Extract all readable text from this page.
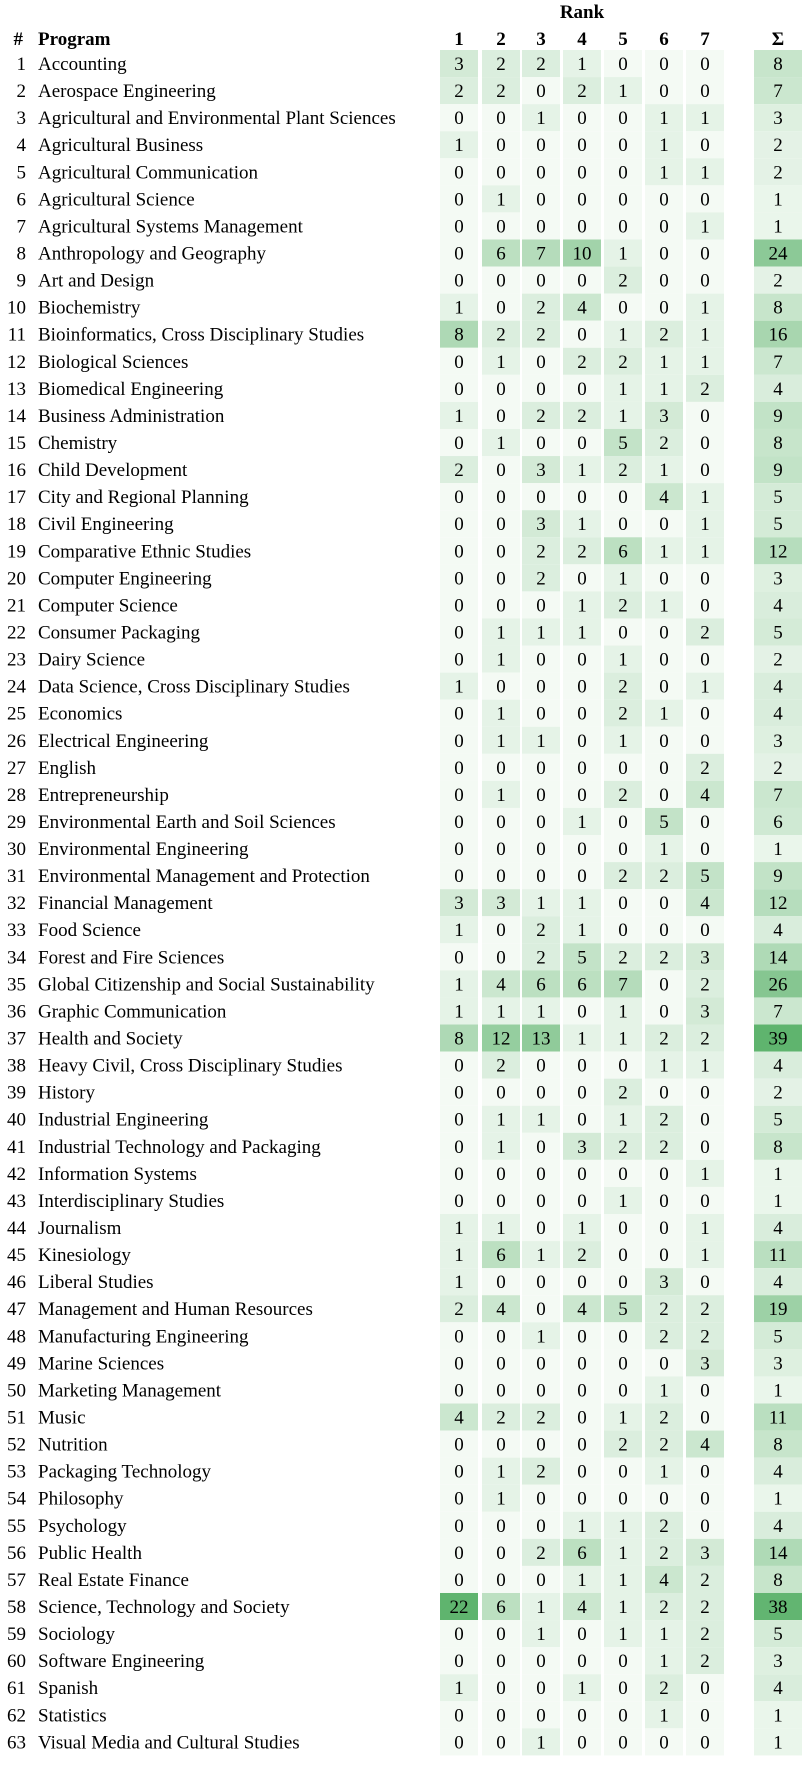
Rank
# Program	1 2 3 4 5 6 7	Σ
1 Accounting	3 2 2 1 0 0 0	8
2 Aerospace Engineering	2 2 0 2 1 0 0	7
3 Agricultural and Environmental Plant Sciences	0 0 1 0 0 1 1	3
4 Agricultural Business	1 0 0 0 0 1 0	2
5 Agricultural Communication	0 0 0 0 0 1 1	2
6 Agricultural Science	0 1 0 0 0 0 0	1
7 Agricultural Systems Management	0 0 0 0 0 0 1	1
8 Anthropology and Geography	0 6 7 10 1 0 0	24
9 Art and Design	0 0 0 0 2 0 0	2
10 Biochemistry	1 0 2 4 0 0 1	8
11 Bioinformatics, Cross Disciplinary Studies	8 2 2 0 1 2 1	16
12 Biological Sciences	0 1 0 2 2 1 1	7
13 Biomedical Engineering	0 0 0 0 1 1 2	4
14 Business Administration	1 0 2 2 1 3 0	9
15 Chemistry	0 1 0 0 5 2 0	8
16 Child Development	2 0 3 1 2 1 0	9
17 City and Regional Planning	0 0 0 0 0 4 1	5
18 Civil Engineering	0 0 3 1 0 0 1	5
19 Comparative Ethnic Studies	0 0 2 2 6 1 1	12
20 Computer Engineering	0 0 2 0 1 0 0	3
21 Computer Science	0 0 0 1 2 1 0	4
22 Consumer Packaging	0 1 1 1 0 0 2	5
23 Dairy Science	0 1 0 0 1 0 0	2
24 Data Science, Cross Disciplinary Studies	1 0 0 0 2 0 1	4
25 Economics	0 1 0 0 2 1 0	4
26 Electrical Engineering	0 1 1 0 1 0 0	3
27 English	0 0 0 0 0 0 2	2
28 Entrepreneurship	0 1 0 0 2 0 4	7
29 Environmental Earth and Soil Sciences	0 0 0 1 0 5 0	6
30 Environmental Engineering	0 0 0 0 0 1 0	1
31 Environmental Management and Protection	0 0 0 0 2 2 5	9
32 Financial Management	3 3 1 1 0 0 4	12
33 Food Science	1 0 2 1 0 0 0	4
34 Forest and Fire Sciences	0 0 2 5 2 2 3	14
35 Global Citizenship and Social Sustainability	1 4 6 6 7 0 2	26
36 Graphic Communication	1 1 1 0 1 0 3	7
37 Health and Society	8 12 13 1 1 2 2	39
38 Heavy Civil, Cross Disciplinary Studies	0 2 0 0 0 1 1	4
39 History	0 0 0 0 2 0 0	2
40 Industrial Engineering	0 1 1 0 1 2 0	5
41 Industrial Technology and Packaging	0 1 0 3 2 2 0	8
42 Information Systems	0 0 0 0 0 0 1	1
43 Interdisciplinary Studies	0 0 0 0 1 0 0	1
44 Journalism	1 1 0 1 0 0 1	4
45 Kinesiology	1 6 1 2 0 0 1	11
46 Liberal Studies	1 0 0 0 0 3 0	4
47 Management and Human Resources	2 4 0 4 5 2 2	19
48 Manufacturing Engineering	0 0 1 0 0 2 2	5
49 Marine Sciences	0 0 0 0 0 0 3	3
50 Marketing Management	0 0 0 0 0 1 0	1
51 Music	4 2 2 0 1 2 0	11
52 Nutrition	0 0 0 0 2 2 4	8
53 Packaging Technology	0 1 2 0 0 1 0	4
54 Philosophy	0 1 0 0 0 0 0	1
55 Psychology	0 0 0 1 1 2 0	4
56 Public Health	0 0 2 6 1 2 3	14
57 Real Estate Finance	0 0 0 1 1 4 2	8
58 Science, Technology and Society	22 6 1 4 1 2 2	38
59 Sociology	0 0 1 0 1 1 2	5
60 Software Engineering	0 0 0 0 0 1 2	3
61 Spanish	1 0 0 1 0 2 0	4
62 Statistics	0 0 0 0 0 1 0	1
63 Visual Media and Cultural Studies	0 0 1 0 0 0 0	1
